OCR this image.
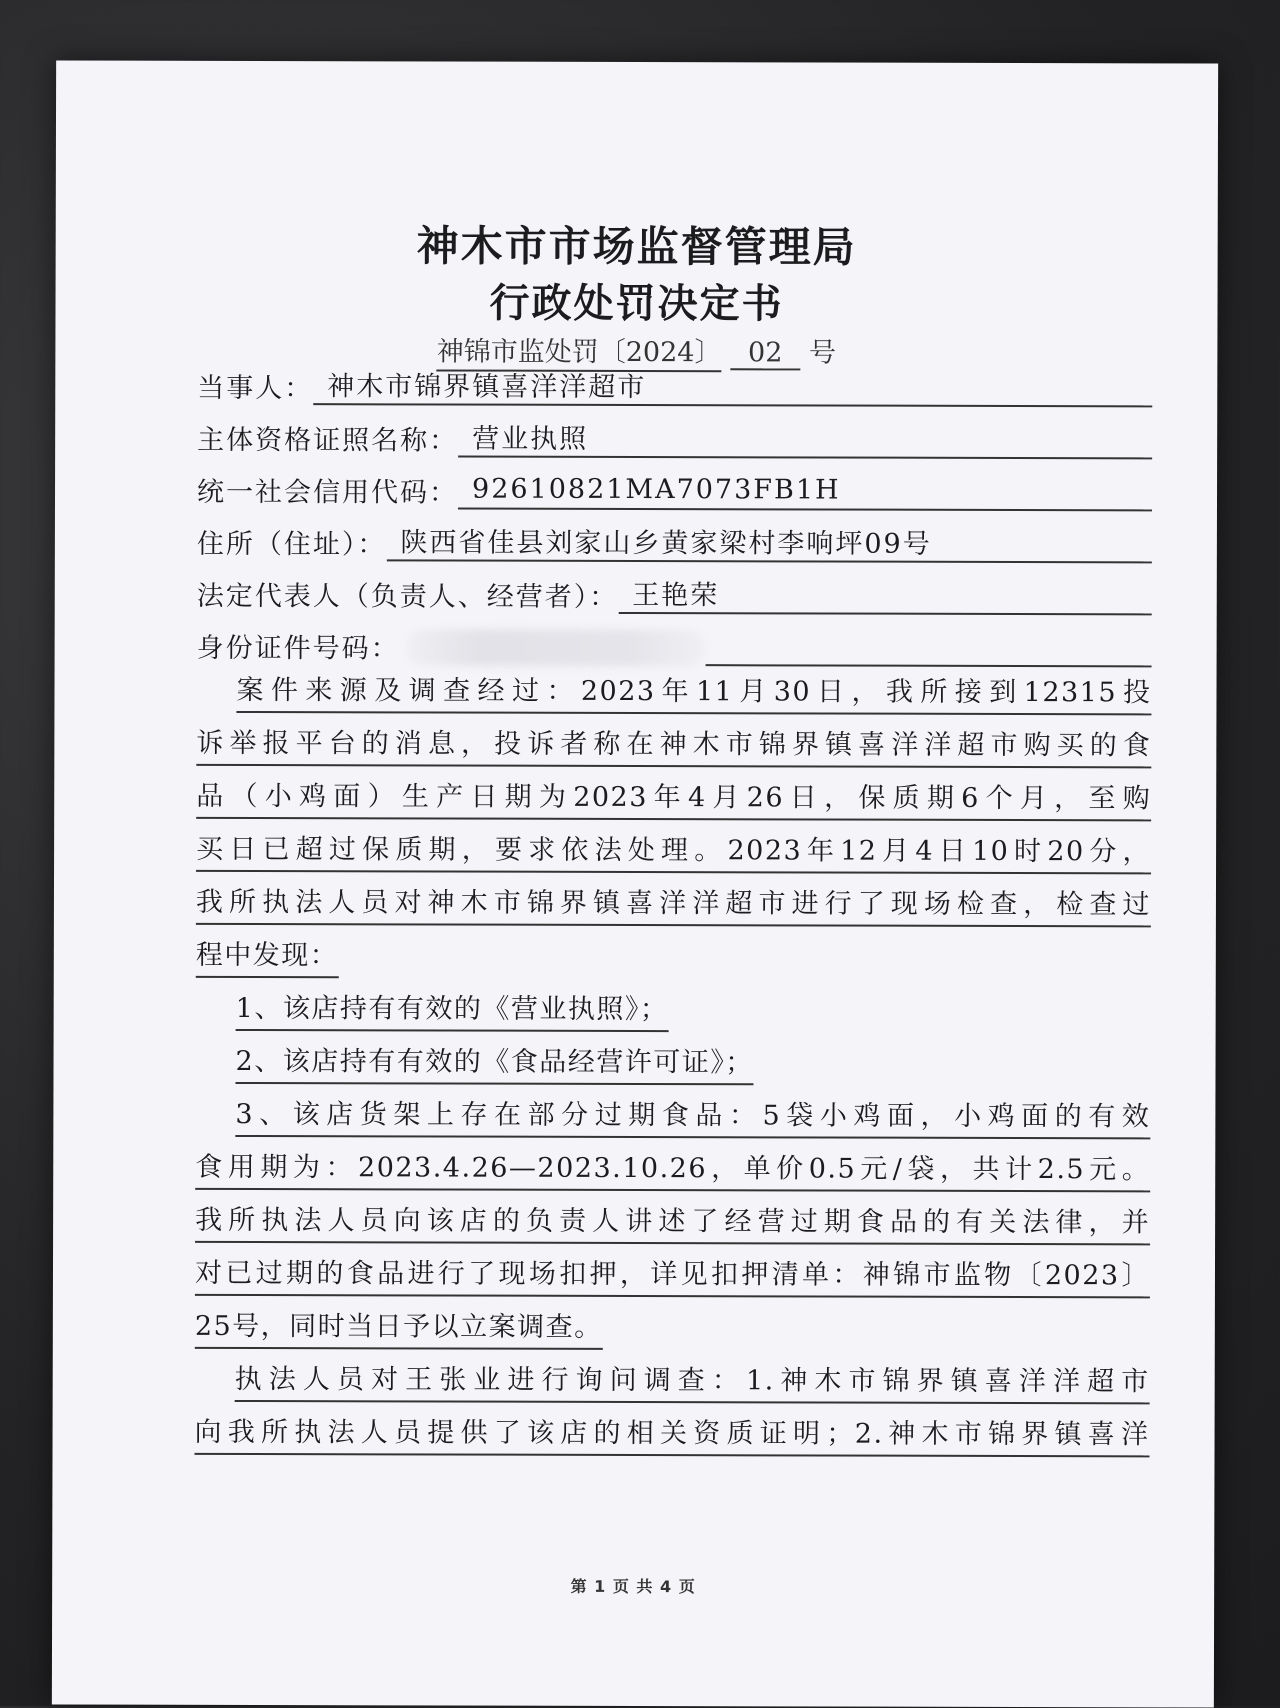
神木市市场监督管理局
行政处罚决定书
神锦市监处罚〔2024〕 02 号
当事人： 神木市锦界镇喜洋洋超市
主体资格证照名称： 营业执照
统一社会信用代码： 92610821MA7073FB1H
住所（住址）： 陕西省佳县刘家山乡黄家梁村李响坪09号
法定代表人（负责人、经营者）： 王艳荣
身份证件号码：
案件来源及调查经过：2023年11月30日，我所接到12315投
诉举报平台的消息，投诉者称在神木市锦界镇喜洋洋超市购买的食
品（小鸡面）生产日期为2023年4月26日，保质期6个月，至购
买日已超过保质期，要求依法处理。2023年12月4日10时20分，
我所执法人员对神木市锦界镇喜洋洋超市进行了现场检查，检查过
程中发现：
1、该店持有有效的《营业执照》；
2、该店持有有效的《食品经营许可证》；
3、该店货架上存在部分过期食品：5袋小鸡面，小鸡面的有效
食用期为：2023.4.26—2023.10.26，单价0.5元/袋，共计2.5元。
我所执法人员向该店的负责人讲述了经营过期食品的有关法律，并
对已过期的食品进行了现场扣押，详见扣押清单：神锦市监物〔2023〕
25号，同时当日予以立案调查。
执法人员对王张业进行询问调查：1.神木市锦界镇喜洋洋超市
向我所执法人员提供了该店的相关资质证明；2.神木市锦界镇喜洋
第 1 页 共 4 页
